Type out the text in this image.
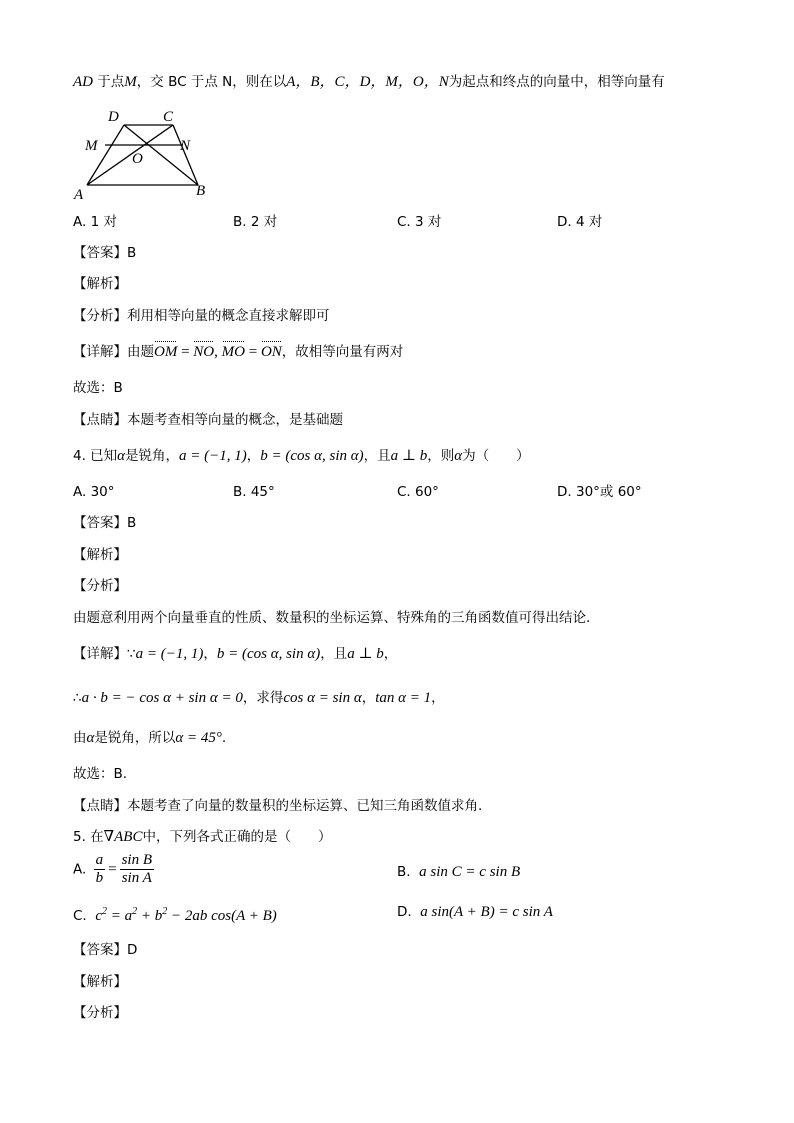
AD 于点M，交 BC 于点 N，则在以A，B，C，D，M，O，N为起点和终点的向量中，相等向量有
D	C
M	N
O
A	B
A. 1 对	B. 2 对	C. 3 对	D. 4 对
【答案】B
【解析】
【分析】利用相等向量的概念直接求解即可
【详解】由题OM = NO, MO = ON，故相等向量有两对
故选：B
【点睛】本题考查相等向量的概念，是基础题
4. 已知α是锐角，a = (−1, 1)，b = (cos α, sin α)，且a ⊥ b，则α为（　　）
A. 30°	B. 45°	C. 60°	D. 30°或 60°
【答案】B
【解析】
【分析】
由题意利用两个向量垂直的性质、数量积的坐标运算、特殊角的三角函数值可得出结论.
【详解】∵a = (−1, 1)，b = (cos α, sin α)，且a ⊥ b，
∴a · b = − cos α + sin α = 0，求得cos α = sin α，tan α = 1，
由α是锐角，所以α = 45°.
故选：B.
【点睛】本题考查了向量的数量积的坐标运算、已知三角函数值求角.
5. 在∇ABC中，下列各式正确的是（　　）
A. $\frac{a}{b} = \frac{\text{sin B}}{\text{sin A}}$	B. a sin C = c sin B
C. $c^2 = a^2 + b^2 - 2ab$ cos(A + B)	D. a sin(A + B) = c sin A
【答案】D
【解析】
【分析】
